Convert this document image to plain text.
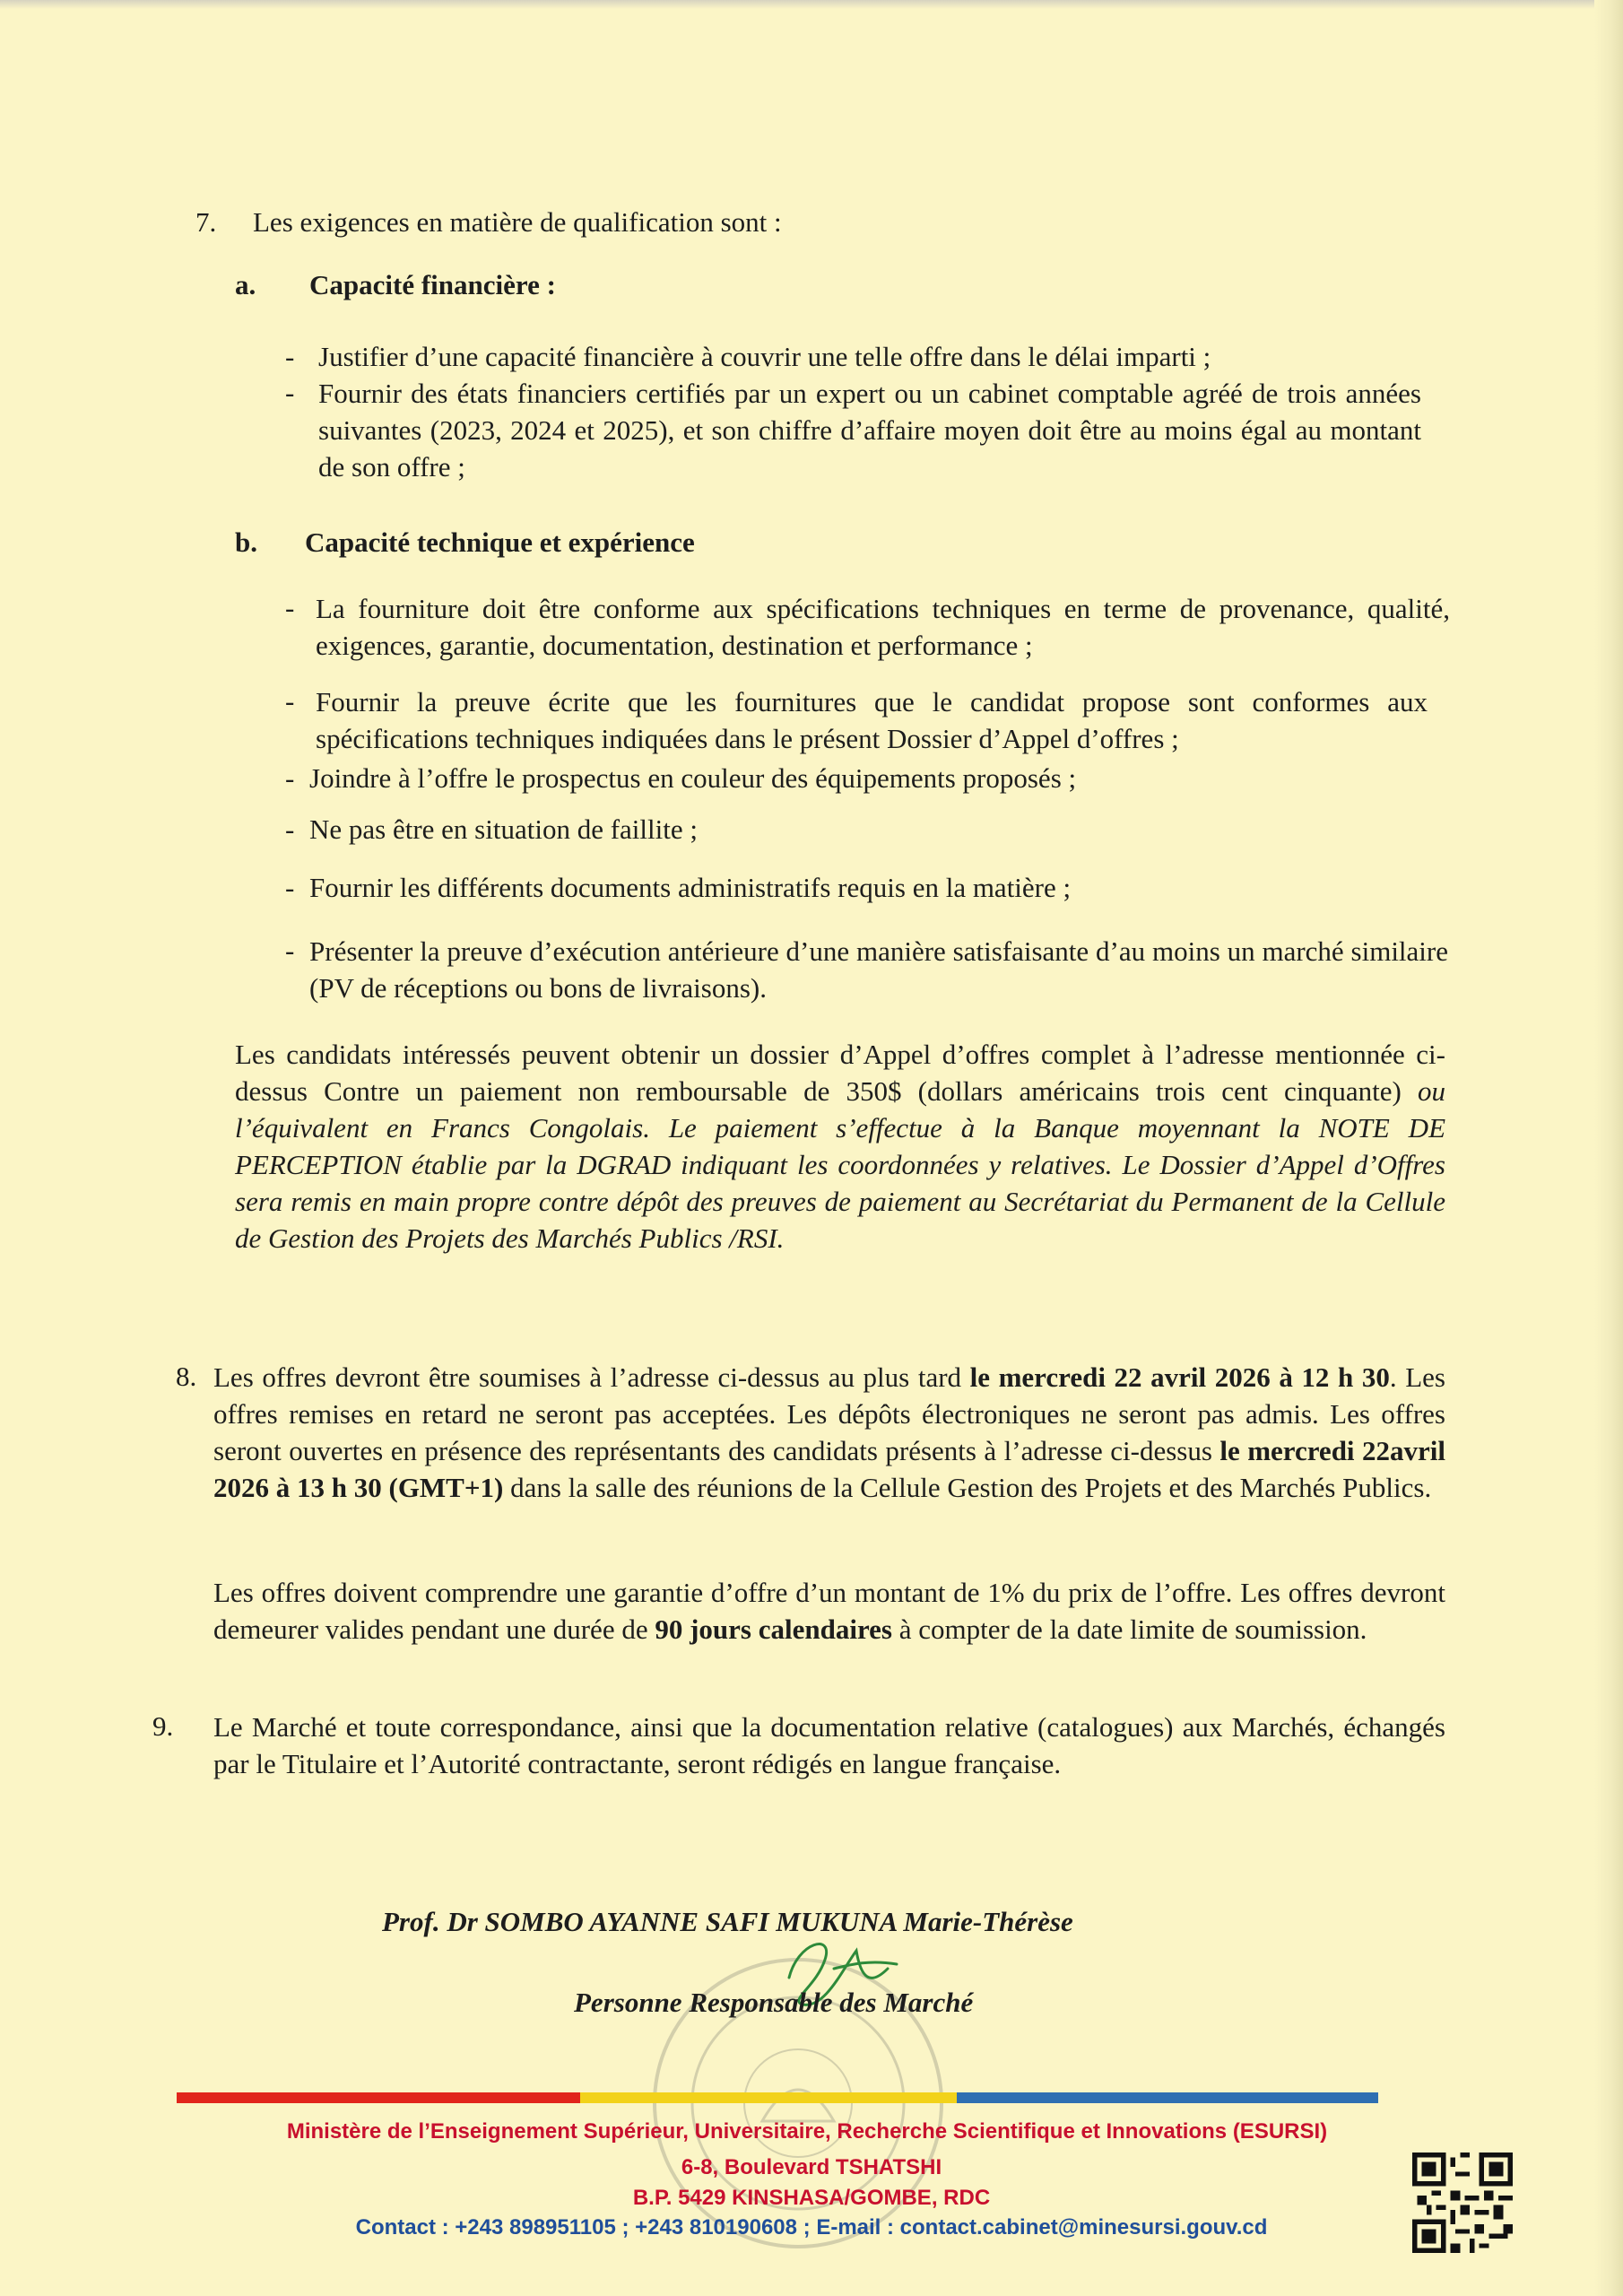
7. Les exigences en matière de qualification sont :
a. Capacité financière :
- Justifier d’une capacité financière à couvrir une telle offre dans le délai imparti ;
- Fournir des états financiers certifiés par un expert ou un cabinet comptable agréé de trois années suivantes (2023, 2024 et 2025), et son chiffre d’affaire moyen doit être au moins égal au montant de son offre ;
b. Capacité technique et expérience
- La fourniture doit être conforme aux spécifications techniques en terme de provenance, qualité, exigences, garantie, documentation, destination et performance ;
- Fournir la preuve écrite que les fournitures que le candidat propose sont conformes aux spécifications techniques indiquées dans le présent Dossier d’Appel d’offres ;
- Joindre à l’offre le prospectus en couleur des équipements proposés ;
- Ne pas être en situation de faillite ;
- Fournir les différents documents administratifs requis en la matière ;
- Présenter la preuve d’exécution antérieure d’une manière satisfaisante d’au moins un marché similaire (PV de réceptions ou bons de livraisons).
Les candidats intéressés peuvent obtenir un dossier d’Appel d’offres complet à l’adresse mentionnée ci-dessus Contre un paiement non remboursable de 350$ (dollars américains trois cent cinquante) ou l’équivalent en Francs Congolais. Le paiement s’effectue à la Banque moyennant la NOTE DE PERCEPTION établie par la DGRAD indiquant les coordonnées y relatives. Le Dossier d’Appel d’Offres sera remis en main propre contre dépôt des preuves de paiement au Secrétariat du Permanent de la Cellule de Gestion des Projets des Marchés Publics /RSI.
8. Les offres devront être soumises à l’adresse ci-dessus au plus tard le mercredi 22 avril 2026 à 12 h 30. Les offres remises en retard ne seront pas acceptées. Les dépôts électroniques ne seront pas admis. Les offres seront ouvertes en présence des représentants des candidats présents à l’adresse ci-dessus le mercredi 22avril 2026 à 13 h 30 (GMT+1) dans la salle des réunions de la Cellule Gestion des Projets et des Marchés Publics.
Les offres doivent comprendre une garantie d’offre d’un montant de 1% du prix de l’offre. Les offres devront demeurer valides pendant une durée de 90 jours calendaires à compter de la date limite de soumission.
9. Le Marché et toute correspondance, ainsi que la documentation relative (catalogues) aux Marchés, échangés par le Titulaire et l’Autorité contractante, seront rédigés en langue française.
Prof. Dr SOMBO AYANNE SAFI MUKUNA Marie-Thérèse
Personne Responsable des Marché
Ministère de l’Enseignement Supérieur, Universitaire, Recherche Scientifique et Innovations (ESURSI)
6-8, Boulevard TSHATSHI
B.P. 5429 KINSHASA/GOMBE, RDC
Contact : +243 898951105 ; +243 810190608 ; E-mail : contact.cabinet@minesursi.gouv.cd
